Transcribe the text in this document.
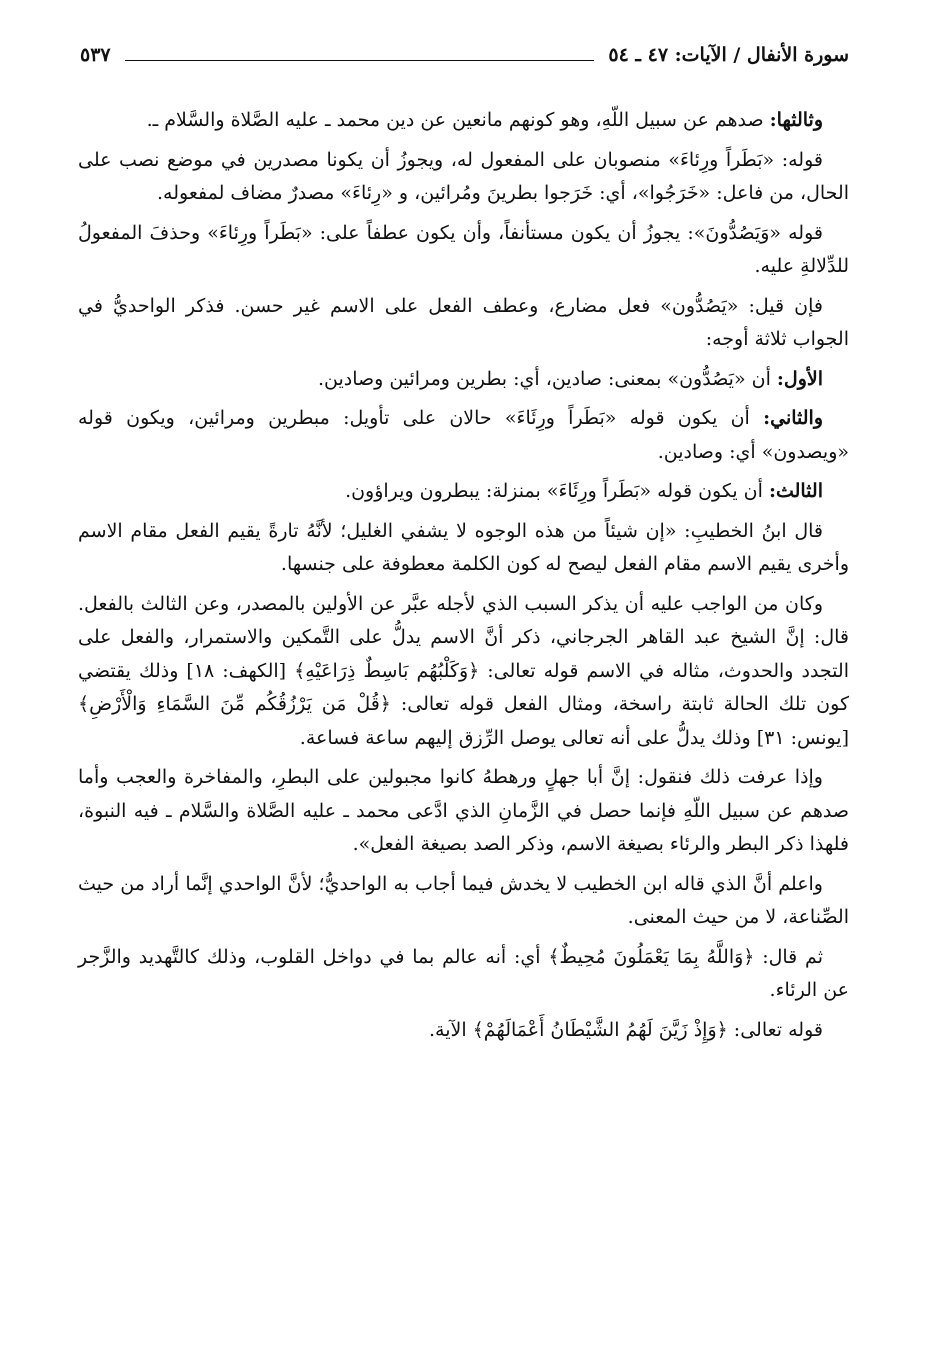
سورة الأنفال / الآيات: ٤٧ ـ ٥٤
٥٣٧

وثالثها: صدهم عن سبيل اللّهِ، وهو كونهم مانعين عن دين محمد ـ عليه الصَّلاة والسَّلام ـ.

قوله: «بَطَراً ورِئاءَ» منصوبان على المفعول له، ويجوزُ أن يكونا مصدرين في موضع نصب على الحال، من فاعل: «خَرَجُوا»، أي: خَرَجوا بطرينَ ومُرائين، و «رِئاءَ» مصدرٌ مضاف لمفعوله.

قوله «وَيَصُدُّونَ»: يجوزُ أن يكون مستأنفاً، وأن يكون عطفاً على: «بَطَراً ورِئاءَ» وحذفَ المفعولُ للدِّلالةِ عليه.

فإن قيل: «يَصُدُّون» فعل مضارع، وعطف الفعل على الاسم غير حسن. فذكر الواحديُّ في الجواب ثلاثة أوجه:

الأول: أن «يَصُدُّون» بمعنى: صادين، أي: بطرين ومرائين وصادين.

والثاني: أن يكون قوله «بَطَراً ورِئَاءَ» حالان على تأويل: مبطرين ومرائين، ويكون قوله «ويصدون» أي: وصادين.

الثالث: أن يكون قوله «بَطَراً ورِئَاءَ» بمنزلة: يبطرون ويراؤون.

قال ابنُ الخطيبِ: «إن شيئاً من هذه الوجوه لا يشفي الغليل؛ لأنَّهُ تارةً يقيم الفعل مقام الاسم وأخرى يقيم الاسم مقام الفعل ليصح له كون الكلمة معطوفة على جنسها.

وكان من الواجب عليه أن يذكر السبب الذي لأجله عبَّر عن الأولين بالمصدر، وعن الثالث بالفعل. قال: إنَّ الشيخ عبد القاهر الجرجاني، ذكر أنَّ الاسم يدلُّ على التَّمكين والاستمرار، والفعل على التجدد والحدوث، مثاله في الاسم قوله تعالى: ﴿وَكَلْبُهُم بَاسِطٌ ذِرَاعَيْهِ﴾ [الكهف: ١٨] وذلك يقتضي كون تلك الحالة ثابتة راسخة، ومثال الفعل قوله تعالى: ﴿قُلْ مَن يَرْزُقُكُم مِّنَ السَّمَاءِ وَالْأَرْضِ﴾ [يونس: ٣١] وذلك يدلُّ على أنه تعالى يوصل الرِّزق إليهم ساعة فساعة.

وإذا عرفت ذلك فنقول: إنَّ أبا جهلٍ ورهطهُ كانوا مجبولين على البطرِ، والمفاخرة والعجب وأما صدهم عن سبيل اللّهِ فإنما حصل في الزَّمانِ الذي ادَّعى محمد ـ عليه الصَّلاة والسَّلام ـ فيه النبوة، فلهذا ذكر البطر والرئاء بصيغة الاسم، وذكر الصد بصيغة الفعل».

واعلم أنَّ الذي قاله ابن الخطيب لا يخدش فيما أجاب به الواحديُّ؛ لأنَّ الواحدي إنَّما أراد من حيث الصِّناعة، لا من حيث المعنى.

ثم قال: ﴿وَاللَّهُ بِمَا يَعْمَلُونَ مُحِيطٌ﴾ أي: أنه عالم بما في دواخل القلوب، وذلك كالتَّهديد والزَّجر عن الرئاء.

قوله تعالى: ﴿وَإِذْ زَيَّنَ لَهُمُ الشَّيْطَانُ أَعْمَالَهُمْ﴾ الآية.
